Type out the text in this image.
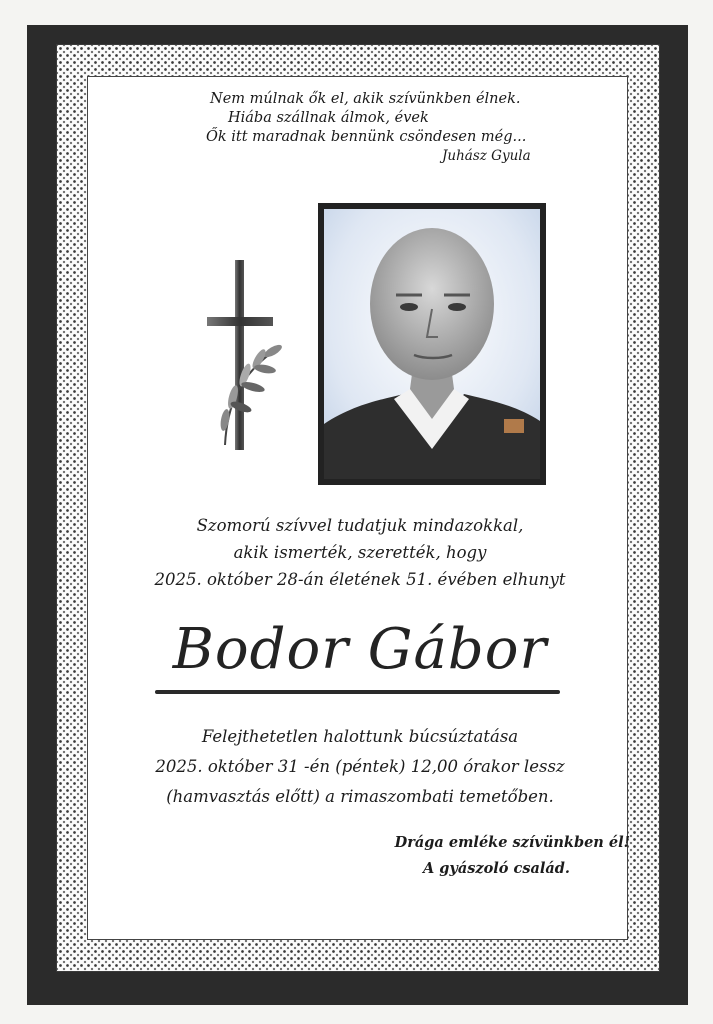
Nem múlnak ők el, akik szívünkben élnek.
Hiába szállnak álmok, évek
Ők itt maradnak bennünk csöndesen még...
Juhász Gyula
Szomorú szívvel tudatjuk mindazokkal,
akik ismerték, szerették, hogy
2025. október 28-án életének 51. évében elhunyt
Bodor Gábor
Felejthetetlen halottunk búcsúztatása
2025. október 31 -én (péntek) 12,00 órakor lessz
(hamvasztás előtt) a rimaszombati temetőben.
Drága emléke szívünkben él!
A gyászoló család.
